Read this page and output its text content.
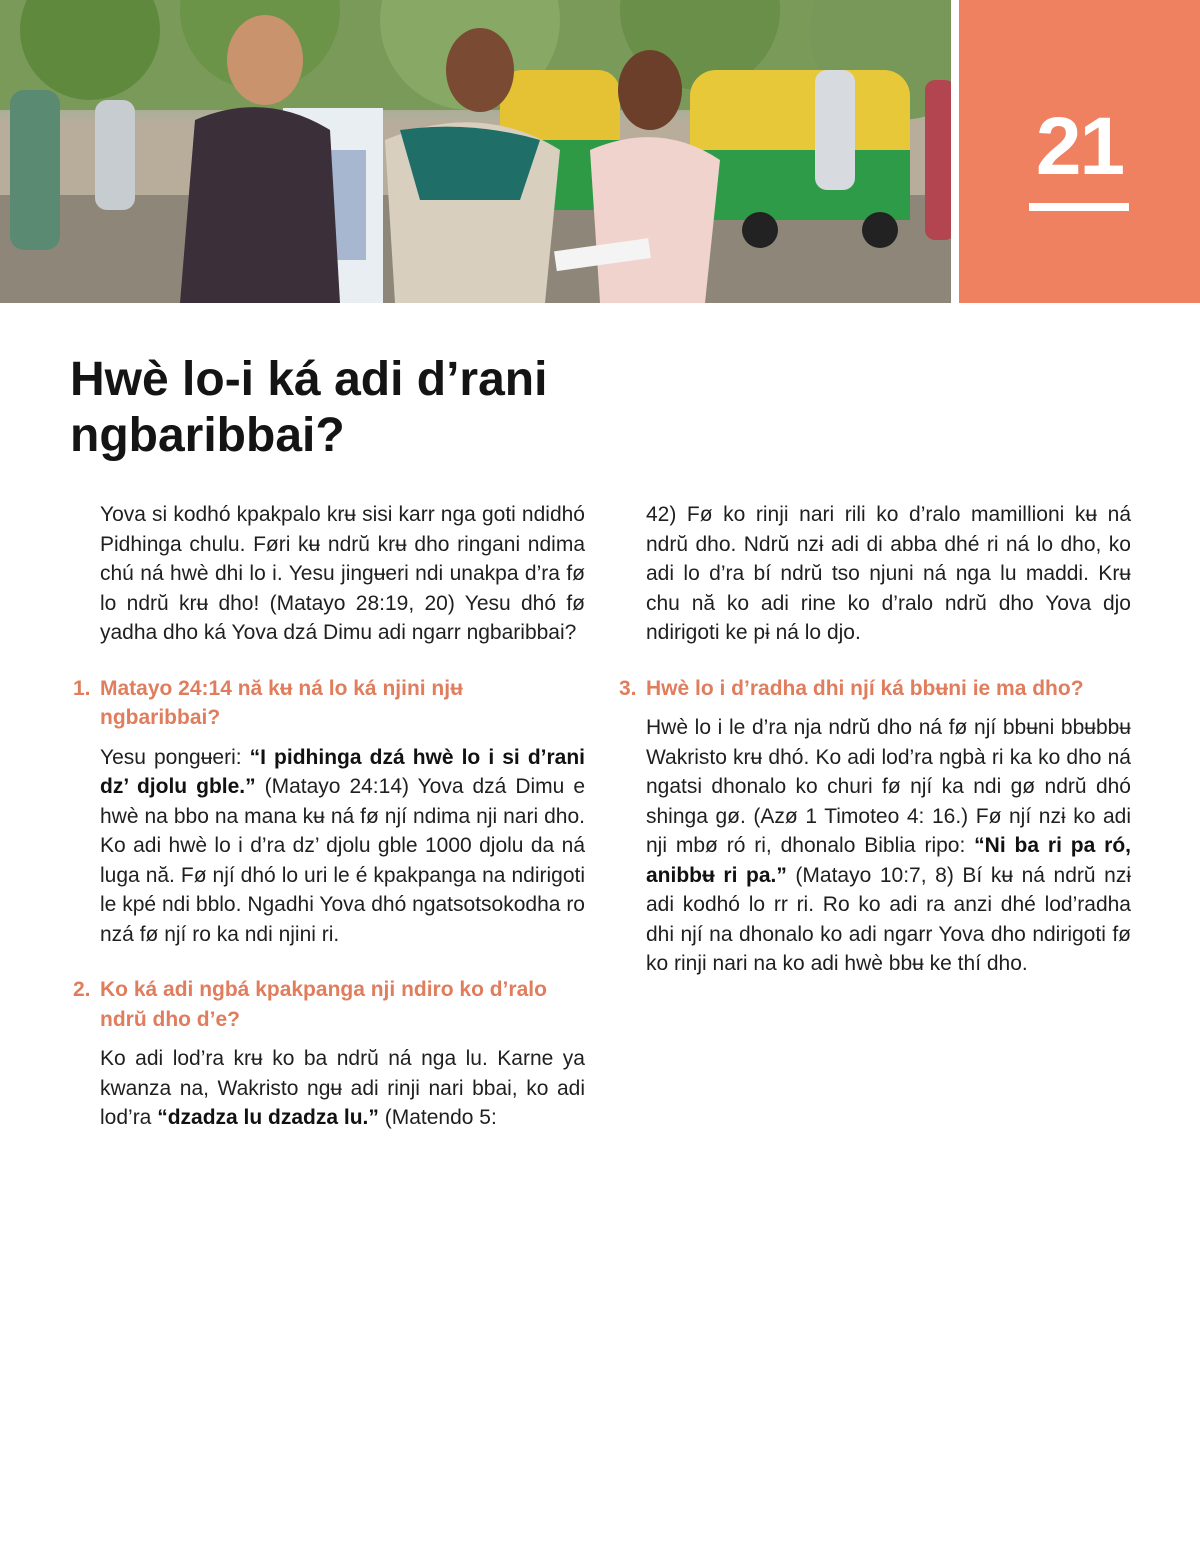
21
Hwè lo-i ká adi d’rani ngbaribbai?

Yova si kodhó kpakpalo krʉ sisi karr nga goti ndidhó Pidhinga chulu. Føri kʉ ndrŭ krʉ dho ringani ndima chú ná hwè dhi lo i. Yesu jingʉeri ndi unakpa d’ra fø lo ndrŭ krʉ dho! (Matayo 28:19, 20) Yesu dhó fø yadha dho ká Yova dzá Dimu adi ngarr ngbaribbai?

1. Matayo 24:14 nă kʉ ná lo ká njini njʉ ngbaribbai?

Yesu pongʉeri: “I pidhinga dzá hwè lo i si d’rani dz’ djolu gble.” (Matayo 24:14) Yova dzá Dimu e hwè na bbo na mana kʉ ná fø njí ndima nji nari dho. Ko adi hwè lo i d’ra dz’ djolu gble 1000 djolu da ná luga nă. Fø njí dhó lo uri le é kpakpanga na ndirigoti le kpé ndi bblo. Ngadhi Yova dhó ngatsotsokodha ro nzá fø njí ro ka ndi njini ri.

2. Ko ká adi ngbá kpakpanga nji ndiro ko d’ralo ndrŭ dho d’e?

Ko adi lod’ra krʉ ko ba ndrŭ ná nga lu. Karne ya kwanza na, Wakristo ngʉ adi rinji nari bbai, ko adi lod’ra “dzadza lu dzadza lu.” (Matendo 5:

42) Fø ko rinji nari rili ko d’ralo mamillioni kʉ ná ndrŭ dho. Ndrŭ nzɨ adi di abba dhé ri ná lo dho, ko adi lo d’ra bí ndrŭ tso njuni ná nga lu maddi. Krʉ chu nă ko adi rine ko d’ralo ndrŭ dho Yova djo ndirigoti ke pɨ ná lo djo.

3. Hwè lo i d’radha dhi njí ká bbʉni ie ma dho?

Hwè lo i le d’ra nja ndrŭ dho ná fø njí bbʉni bbʉbbʉ Wakristo krʉ dhó. Ko adi lod’ra ngbà ri ka ko dho ná ngatsi dhonalo ko churi fø njí ka ndi gø ndrŭ dhó shinga gø. (Azø 1 Timoteo 4: 16.) Fø njí nzɨ ko adi nji mbø ró ri, dhonalo Biblia ripo: “Ni ba ri pa ró, anibbʉ ri pa.” (Matayo 10:7, 8) Bí kʉ ná ndrŭ nzɨ adi kodhó lo rr ri. Ro ko adi ra anzi dhé lod’radha dhi njí na dhonalo ko adi ngarr Yova dho ndirigoti fø ko rinji nari na ko adi hwè bbʉ ke thí dho.
